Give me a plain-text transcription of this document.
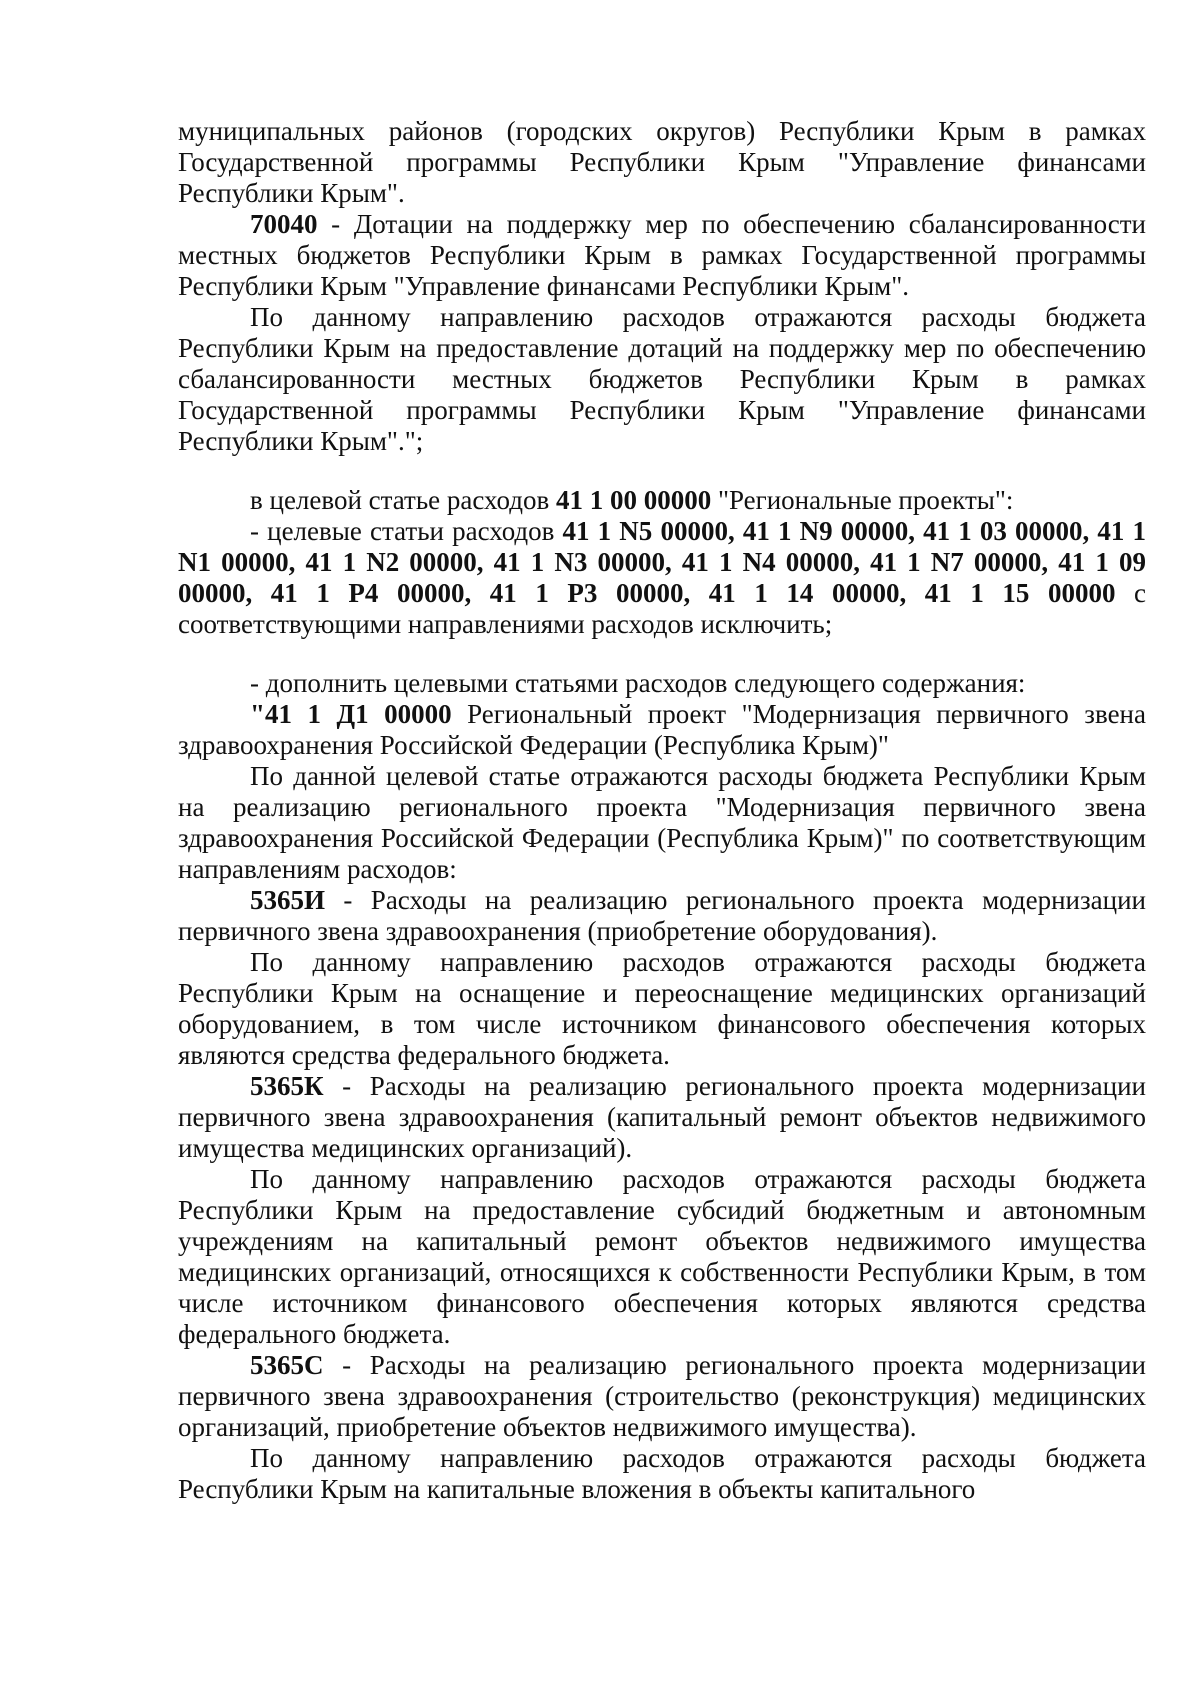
муниципальных районов (городских округов) Республики Крым в рамках Государственной программы Республики Крым "Управление финансами Республики Крым".

70040 - Дотации на поддержку мер по обеспечению сбалансированности местных бюджетов Республики Крым в рамках Государственной программы Республики Крым "Управление финансами Республики Крым".

По данному направлению расходов отражаются расходы бюджета Республики Крым на предоставление дотаций на поддержку мер по обеспечению сбалансированности местных бюджетов Республики Крым в рамках Государственной программы Республики Крым "Управление финансами Республики Крым".";

в целевой статье расходов 41 1 00 00000 "Региональные проекты":

- целевые статьи расходов 41 1 N5 00000, 41 1 N9 00000, 41 1 03 00000, 41 1 N1 00000, 41 1 N2 00000, 41 1 N3 00000, 41 1 N4 00000, 41 1 N7 00000, 41 1 09 00000, 41 1 P4 00000, 41 1 P3 00000, 41 1 14 00000, 41 1 15 00000 с соответствующими направлениями расходов исключить;

- дополнить целевыми статьями расходов следующего содержания:

"41 1 Д1 00000 Региональный проект "Модернизация первичного звена здравоохранения Российской Федерации (Республика Крым)"

По данной целевой статье отражаются расходы бюджета Республики Крым на реализацию регионального проекта "Модернизация первичного звена здравоохранения Российской Федерации (Республика Крым)" по соответствующим направлениям расходов:

5365И - Расходы на реализацию регионального проекта модернизации первичного звена здравоохранения (приобретение оборудования).

По данному направлению расходов отражаются расходы бюджета Республики Крым на оснащение и переоснащение медицинских организаций оборудованием, в том числе источником финансового обеспечения которых являются средства федерального бюджета.

5365К - Расходы на реализацию регионального проекта модернизации первичного звена здравоохранения (капитальный ремонт объектов недвижимого имущества медицинских организаций).

По данному направлению расходов отражаются расходы бюджета Республики Крым на предоставление субсидий бюджетным и автономным учреждениям на капитальный ремонт объектов недвижимого имущества медицинских организаций, относящихся к собственности Республики Крым, в том числе источником финансового обеспечения которых являются средства федерального бюджета.

5365С - Расходы на реализацию регионального проекта модернизации первичного звена здравоохранения (строительство (реконструкция) медицинских организаций, приобретение объектов недвижимого имущества).

По данному направлению расходов отражаются расходы бюджета Республики Крым на капитальные вложения в объекты капитального
